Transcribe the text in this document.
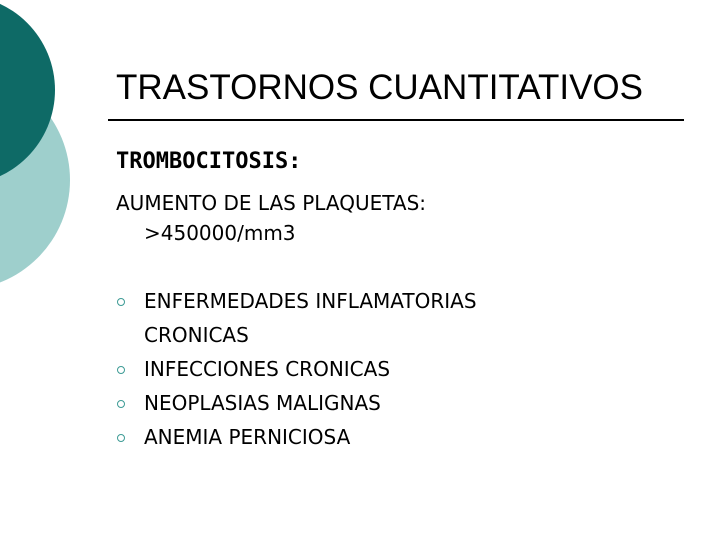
TRASTORNOS CUANTITATIVOS
TROMBOCITOSIS:
AUMENTO DE LAS PLAQUETAS:
>450000/mm3
ENFERMEDADES INFLAMATORIAS CRONICAS
INFECCIONES CRONICAS
NEOPLASIAS MALIGNAS
ANEMIA PERNICIOSA
